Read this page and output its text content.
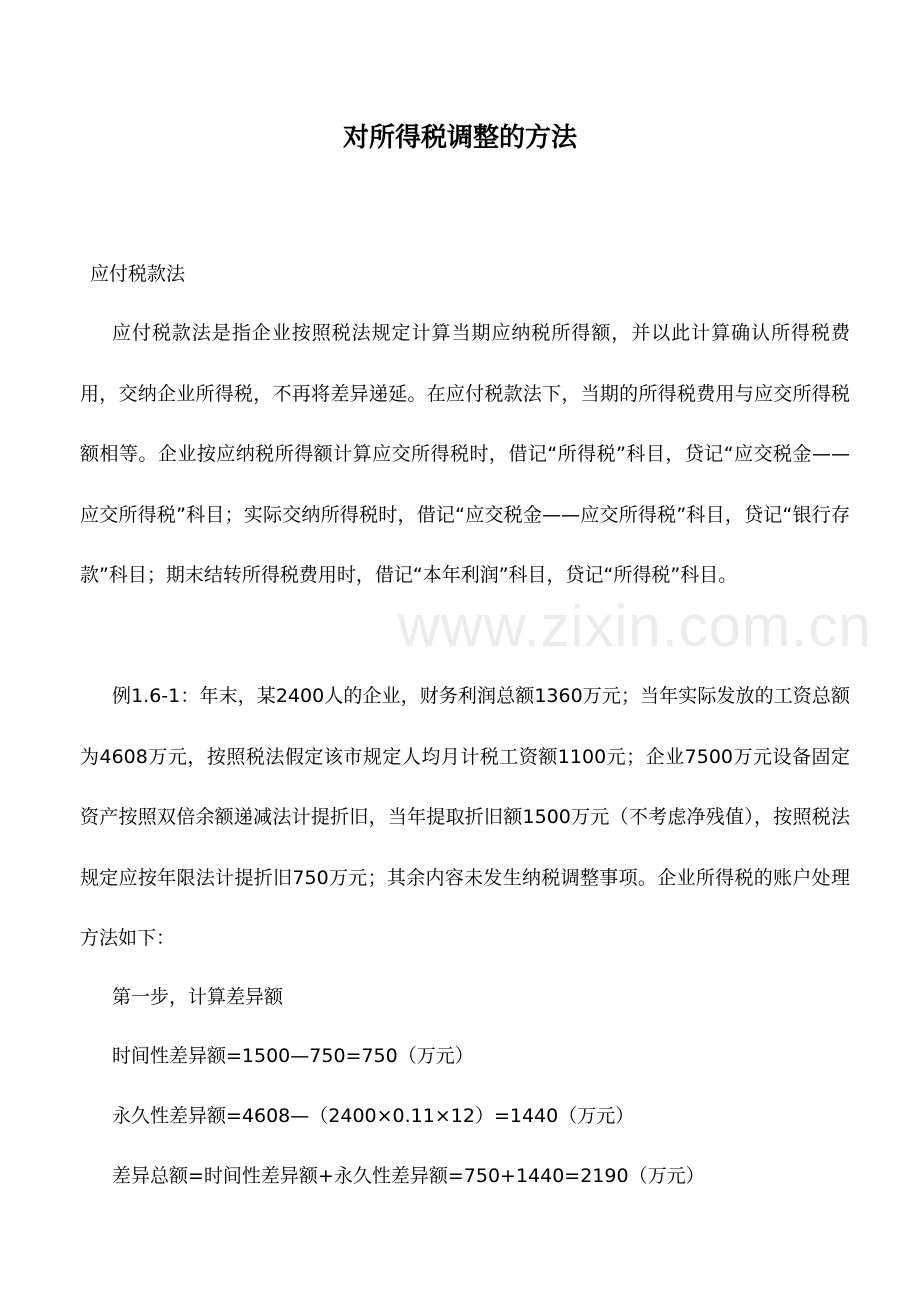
对所得税调整的方法
应付税款法

应付税款法是指企业按照税法规定计算当期应纳税所得额，并以此计算确认所得税费用，交纳企业所得税，不再将差异递延。在应付税款法下，当期的所得税费用与应交所得税额相等。企业按应纳税所得额计算应交所得税时，借记“所得税”科目，贷记“应交税金——应交所得税”科目；实际交纳所得税时，借记“应交税金——应交所得税”科目，贷记“银行存款”科目；期末结转所得税费用时，借记“本年利润”科目，贷记“所得税”科目。

www.zixin.com.cn

例1.6-1：年末，某2400人的企业，财务利润总额1360万元；当年实际发放的工资总额为4608万元，按照税法假定该市规定人均月计税工资额1100元；企业7500万元设备固定资产按照双倍余额递减法计提折旧，当年提取折旧额1500万元（不考虑净残值），按照税法规定应按年限法计提折旧750万元；其余内容未发生纳税调整事项。企业所得税的账户处理方法如下：

第一步，计算差异额
时间性差异额=1500—750=750（万元）
永久性差异额=4608—（2400×0.11×12）=1440（万元）
差异总额=时间性差异额+永久性差异额=750+1440=2190（万元）
